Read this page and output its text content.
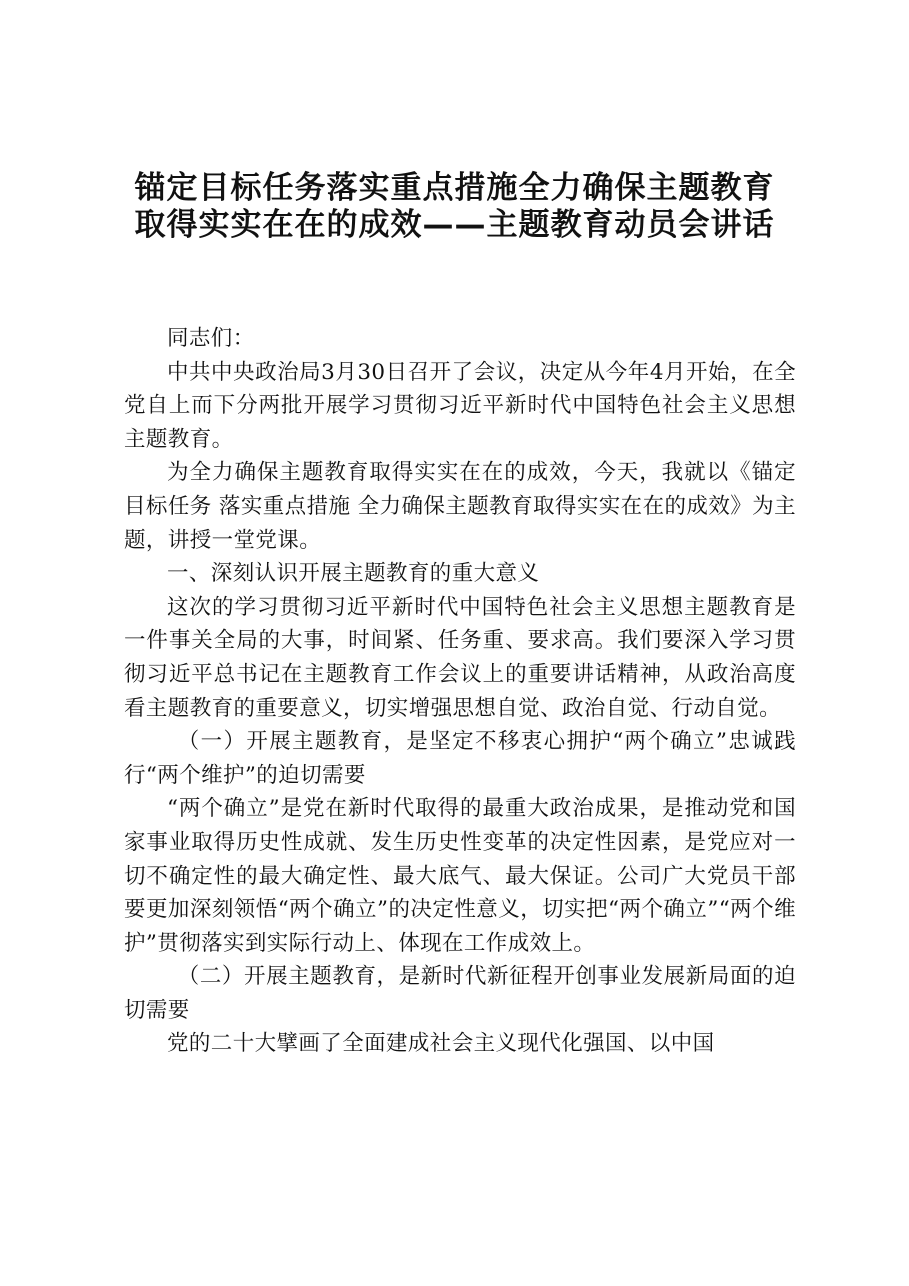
锚定目标任务落实重点措施全力确保主题教育
取得实实在在的成效——主题教育动员会讲话

同志们：

中共中央政治局3月30日召开了会议，决定从今年4月开始，在全党自上而下分两批开展学习贯彻习近平新时代中国特色社会主义思想主题教育。

为全力确保主题教育取得实实在在的成效，今天，我就以《锚定目标任务 落实重点措施 全力确保主题教育取得实实在在的成效》为主题，讲授一堂党课。

一、深刻认识开展主题教育的重大意义

这次的学习贯彻习近平新时代中国特色社会主义思想主题教育是一件事关全局的大事，时间紧、任务重、要求高。我们要深入学习贯彻习近平总书记在主题教育工作会议上的重要讲话精神，从政治高度看主题教育的重要意义，切实增强思想自觉、政治自觉、行动自觉。

（一）开展主题教育，是坚定不移衷心拥护“两个确立”忠诚践行“两个维护”的迫切需要

“两个确立”是党在新时代取得的最重大政治成果，是推动党和国家事业取得历史性成就、发生历史性变革的决定性因素，是党应对一切不确定性的最大确定性、最大底气、最大保证。公司广大党员干部要更加深刻领悟“两个确立”的决定性意义，切实把“两个确立”“两个维护”贯彻落实到实际行动上、体现在工作成效上。

（二）开展主题教育，是新时代新征程开创事业发展新局面的迫切需要

党的二十大擘画了全面建成社会主义现代化强国、以中国
